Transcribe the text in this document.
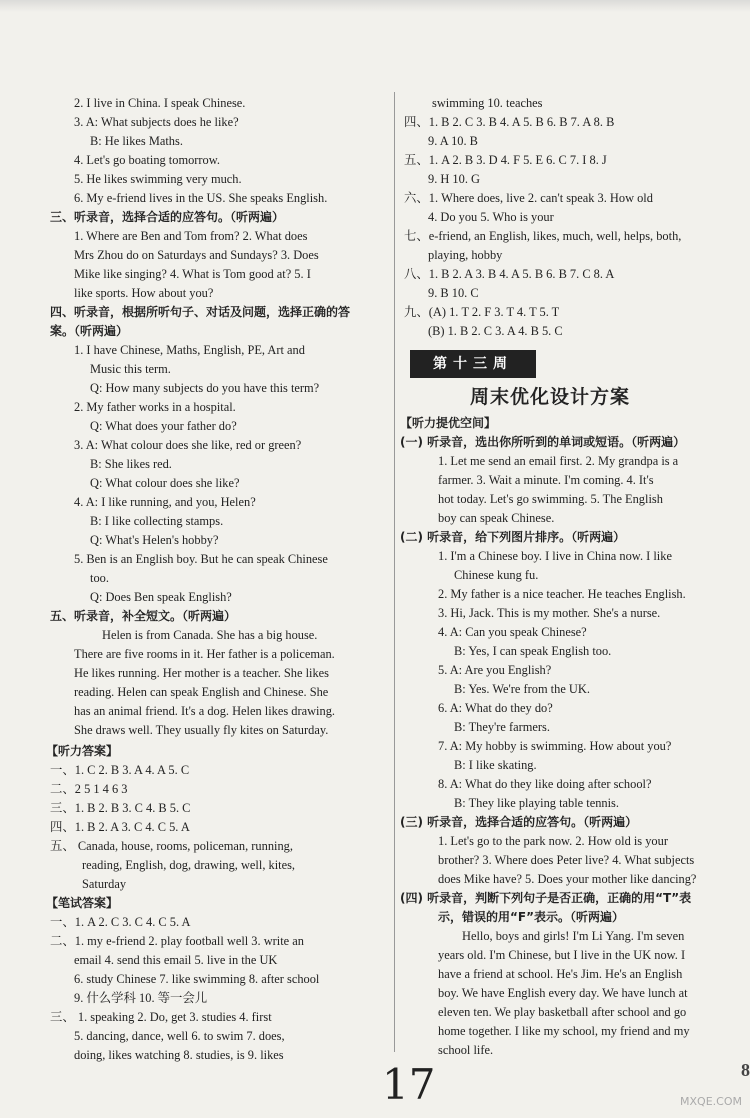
2. I live in China. I speak Chinese.
3. A: What subjects does he like?
B: He likes Maths.
4. Let's go boating tomorrow.
5. He likes swimming very much.
6. My e-friend lives in the US. She speaks English.
三、听录音，选择合适的应答句。（听两遍）
1. Where are Ben and Tom from? 2. What does
Mrs Zhou do on Saturdays and Sundays? 3. Does
Mike like singing? 4. What is Tom good at? 5. I
like sports. How about you?
四、听录音，根据所听句子、对话及问题，选择正确的答
案。（听两遍）
1. I have Chinese, Maths, English, PE, Art and
Music this term.
Q: How many subjects do you have this term?
2. My father works in a hospital.
Q: What does your father do?
3. A: What colour does she like, red or green?
B: She likes red.
Q: What colour does she like?
4. A: I like running, and you, Helen?
B: I like collecting stamps.
Q: What's Helen's hobby?
5. Ben is an English boy. But he can speak Chinese
too.
Q: Does Ben speak English?
五、听录音，补全短文。（听两遍）
Helen is from Canada. She has a big house.
There are five rooms in it. Her father is a policeman.
He likes running. Her mother is a teacher. She likes
reading. Helen can speak English and Chinese. She
has an animal friend. It's a dog. Helen likes drawing.
She draws well. They usually fly kites on Saturday.
【听力答案】
一、1. C 2. B 3. A 4. A 5. C
二、2 5 1 4 6 3
三、1. B 2. B 3. C 4. B 5. C
四、1. B 2. A 3. C 4. C 5. A
五、 Canada, house, rooms, policeman, running,
reading, English, dog, drawing, well, kites,
Saturday
【笔试答案】
一、1. A 2. C 3. C 4. C 5. A
二、1. my e-friend 2. play football well 3. write an
email 4. send this email 5. live in the UK
6. study Chinese 7. like swimming 8. after school
9. 什么学科 10. 等一会儿
三、 1. speaking 2. Do, get 3. studies 4. first
5. dancing, dance, well 6. to swim 7. does,
doing, likes watching 8. studies, is 9. likes
swimming 10. teaches
四、1. B 2. C 3. B 4. A 5. B 6. B 7. A 8. B
9. A 10. B
五、1. A 2. B 3. D 4. F 5. E 6. C 7. I 8. J
9. H 10. G
六、1. Where does, live 2. can't speak 3. How old
4. Do you 5. Who is your
七、e-friend, an English, likes, much, well, helps, both,
playing, hobby
八、1. B 2. A 3. B 4. A 5. B 6. B 7. C 8. A
9. B 10. C
九、(A) 1. T 2. F 3. T 4. T 5. T
(B) 1. B 2. C 3. A 4. B 5. C
【听力提优空间】
(一) 听录音，选出你所听到的单词或短语。（听两遍）
1. Let me send an email first. 2. My grandpa is a
farmer. 3. Wait a minute. I'm coming. 4. It's
hot today. Let's go swimming. 5. The English
boy can speak Chinese.
(二) 听录音，给下列图片排序。（听两遍）
1. I'm a Chinese boy. I live in China now. I like
Chinese kung fu.
2. My father is a nice teacher. He teaches English.
3. Hi, Jack. This is my mother. She's a nurse.
4. A: Can you speak Chinese?
B: Yes, I can speak English too.
5. A: Are you English?
B: Yes. We're from the UK.
6. A: What do they do?
B: They're farmers.
7. A: My hobby is swimming. How about you?
B: I like skating.
8. A: What do they like doing after school?
B: They like playing table tennis.
(三) 听录音，选择合适的应答句。（听两遍）
1. Let's go to the park now. 2. How old is your
brother? 3. Where does Peter live? 4. What subjects
does Mike have? 5. Does your mother like dancing?
(四) 听录音，判断下列句子是否正确，正确的用“T”表
示，错误的用“F”表示。（听两遍）
Hello, boys and girls! I'm Li Yang. I'm seven
years old. I'm Chinese, but I live in the UK now. I
have a friend at school. He's Jim. He's an English
boy. We have English every day. We have lunch at
eleven ten. We play basketball after school and go
home together. I like my school, my friend and my
school life.
第十三周
周末优化设计方案
17	8
MXQE.COM
